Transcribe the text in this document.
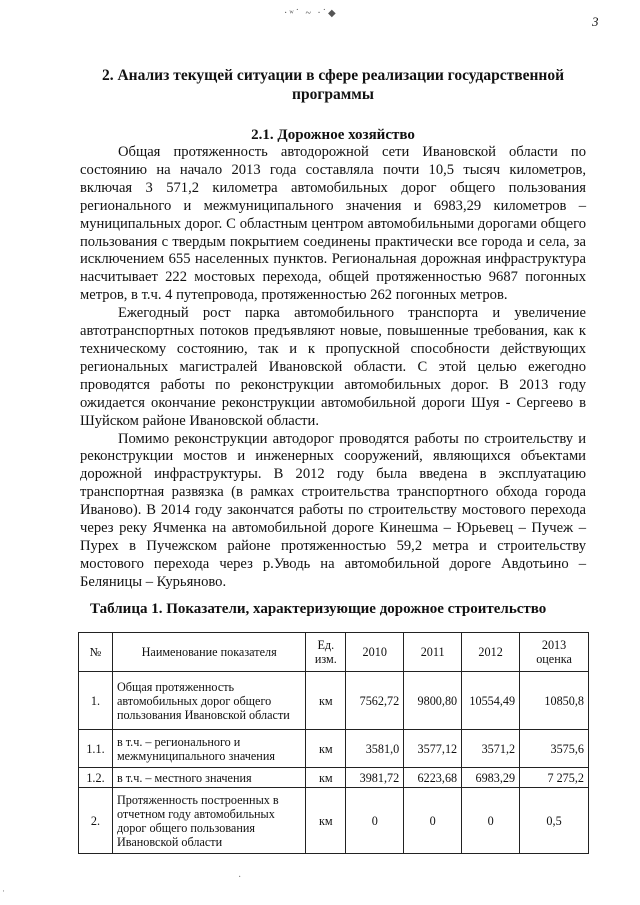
·ʷ˙ ~ ·˙◆
3
2. Анализ текущей ситуации в сфере реализации государственной программы
2.1. Дорожное хозяйство

Общая протяженность автодорожной сети Ивановской области по состоянию на начало 2013 года составляла почти 10,5 тысяч километров, включая 3 571,2 километра автомобильных дорог общего пользования регионального и межмуниципального значения и 6983,29 километров – муниципальных дорог. С областным центром автомобильными дорогами общего пользования с твердым покрытием соединены практически все города и села, за исключением 655 населенных пунктов. Региональная дорожная инфраструктура насчитывает 222 мостовых перехода, общей протяженностью 9687 погонных метров, в т.ч. 4 путепровода, протяженностью 262 погонных метров.

Ежегодный рост парка автомобильного транспорта и увеличение автотранспортных потоков предъявляют новые, повышенные требования, как к техническому состоянию, так и к пропускной способности действующих региональных магистралей Ивановской области. С этой целью ежегодно проводятся работы по реконструкции автомобильных дорог. В 2013 году ожидается окончание реконструкции автомобильной дороги Шуя - Сергеево в Шуйском районе Ивановской области.

Помимо реконструкции автодорог проводятся работы по строительству и реконструкции мостов и инженерных сооружений, являющихся объектами дорожной инфраструктуры. В 2012 году была введена в эксплуатацию транспортная развязка (в рамках строительства транспортного обхода города Иваново). В 2014 году закончатся работы по строительству мостового перехода через реку Ячменка на автомобильной дороге Кинешма – Юрьевец – Пучеж – Пурех в Пучежском районе протяженностью 59,2 метра и строительству мостового перехода через р.Уводь на автомобильной дороге Авдотьино – Беляницы – Курьяново.

Таблица 1. Показатели, характеризующие дорожное строительство
№	Наименование показателя	Ед. изм.	2010	2011	2012	2013 оценка
1.	Общая протяженность автомобильных дорог общего пользования Ивановской области	км	7562,72	9800,80	10554,49	10850,8
1.1.	в т.ч. – регионального и межмуниципального значения	км	3581,0	3577,12	3571,2	3575,6
1.2.	в т.ч. – местного значения	км	3981,72	6223,68	6983,29	7 275,2
2.	Протяженность построенных в отчетном году автомобильных дорог общего пользования Ивановской области	км	0	0	0	0,5
·
·
